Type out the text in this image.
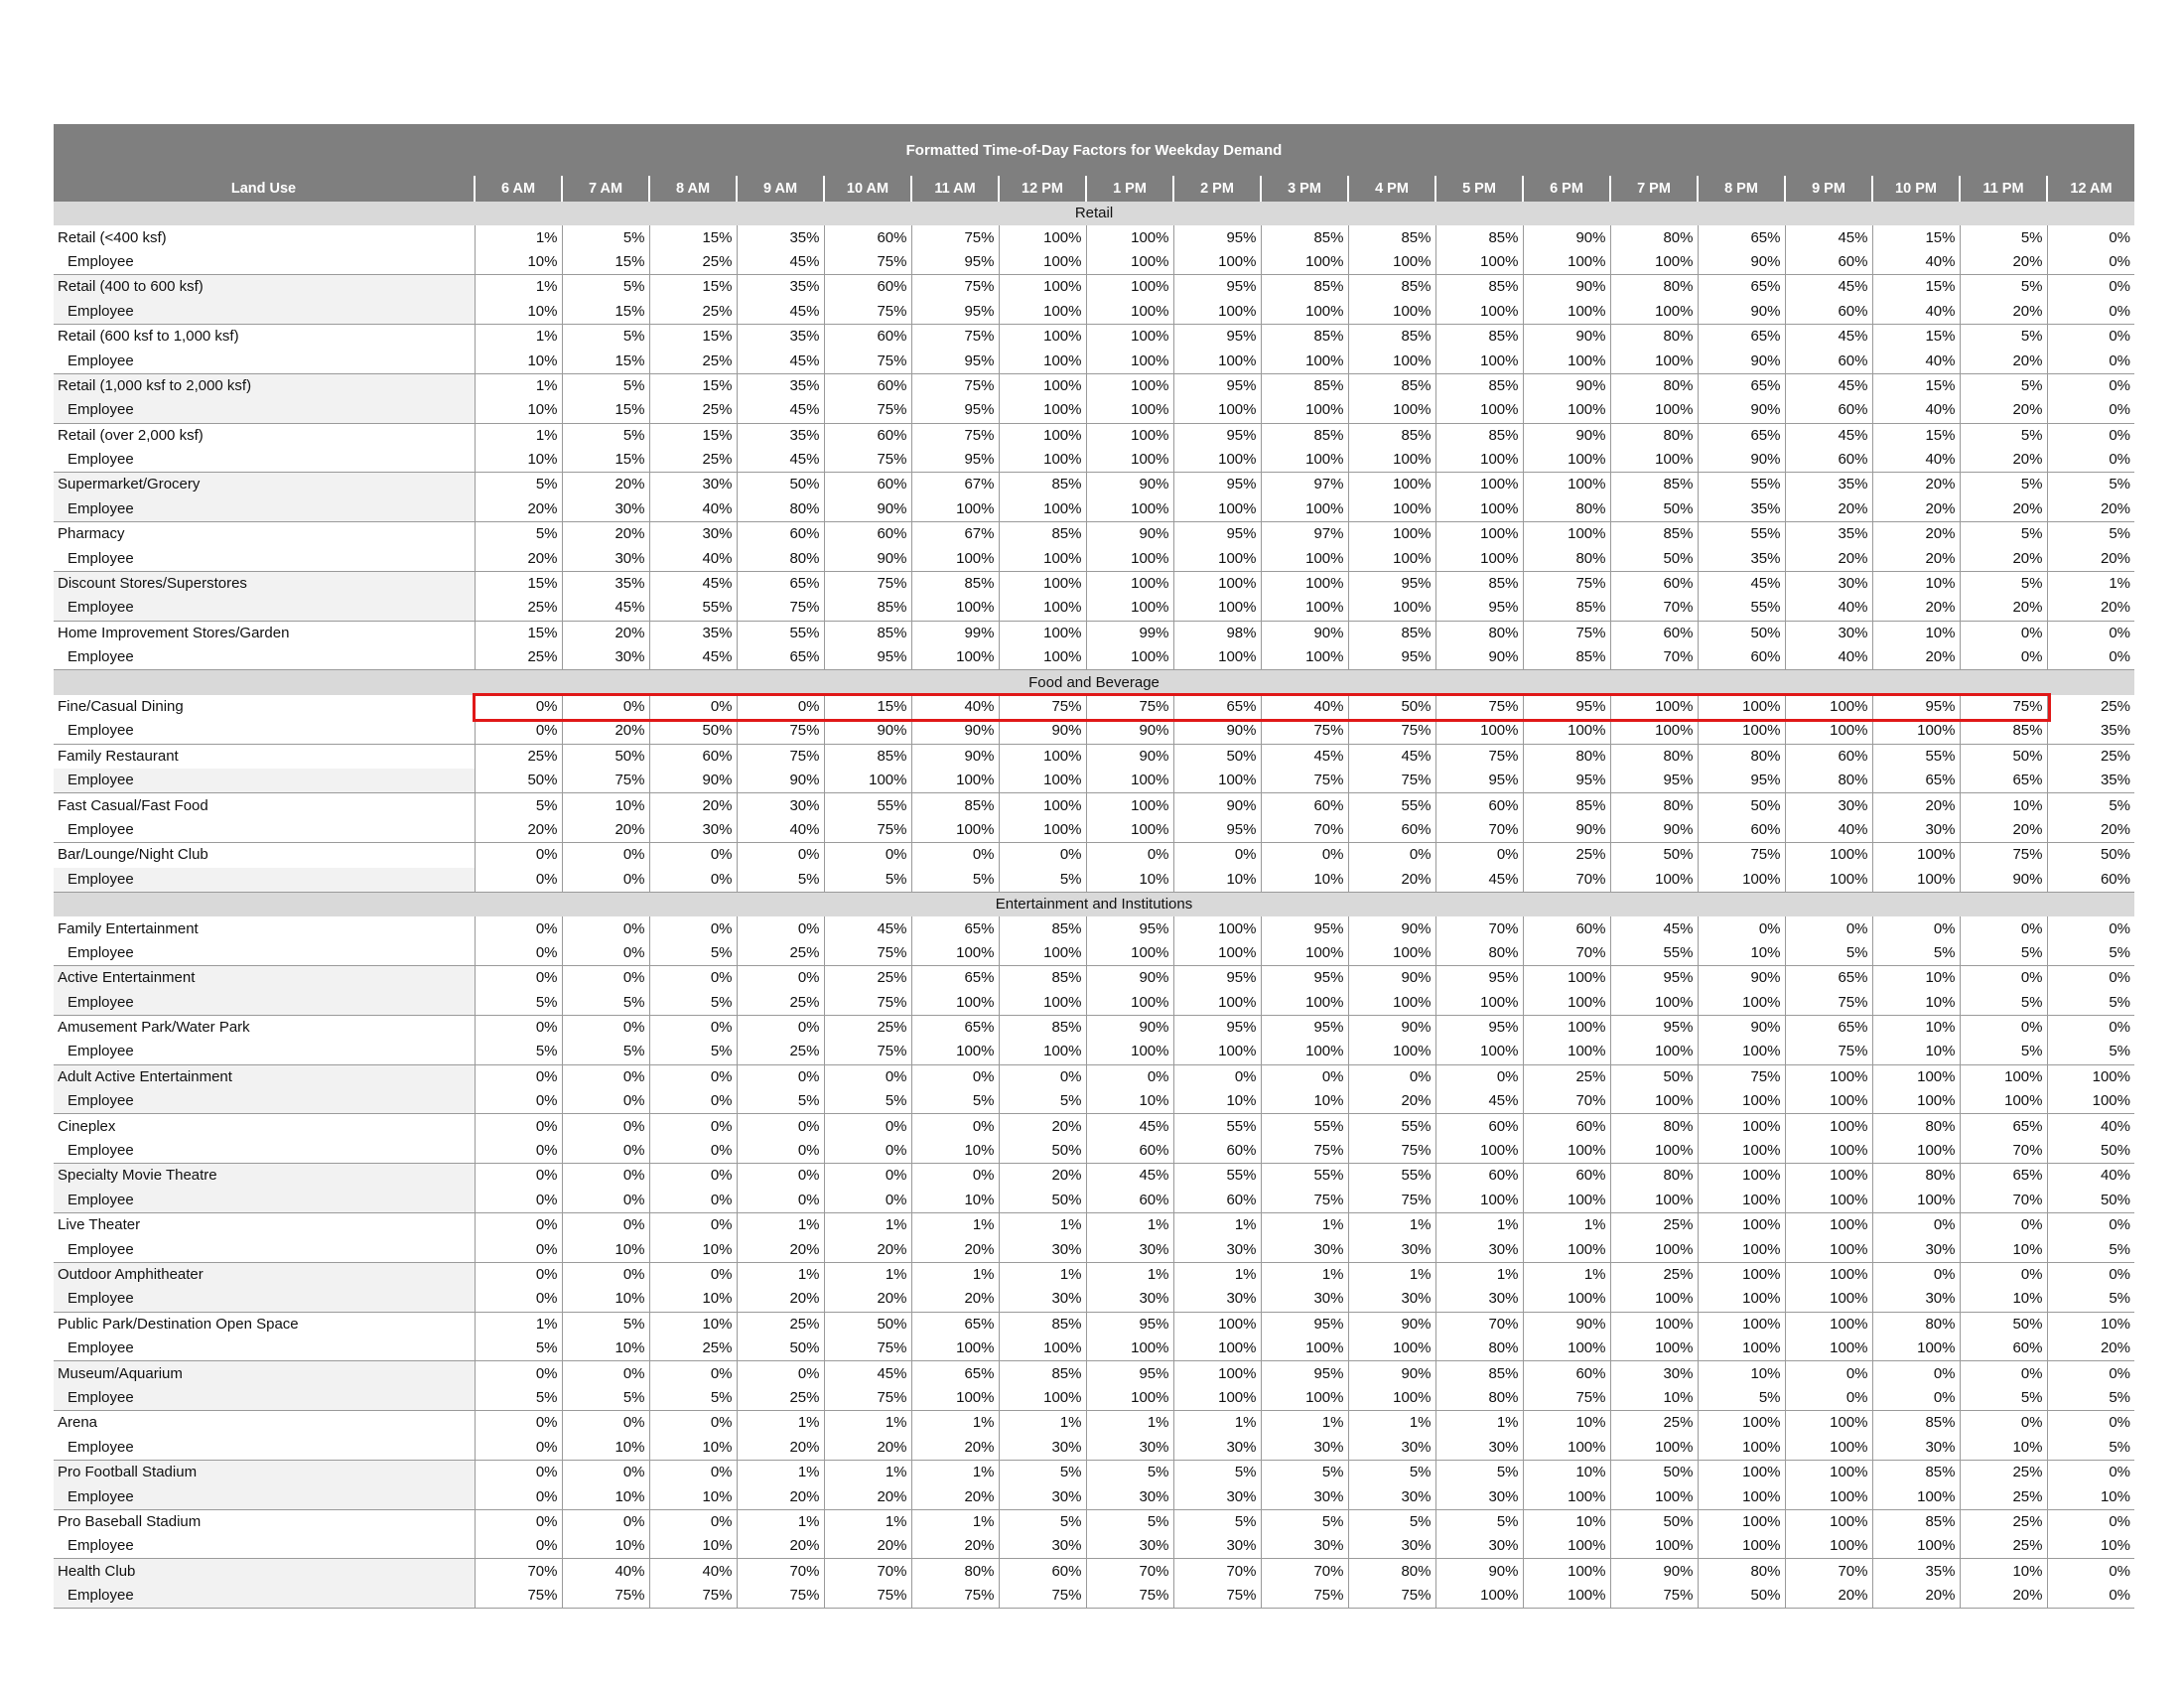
Formatted Time-of-Day Factors for Weekday Demand
Land Use	6 AM	7 AM	8 AM	9 AM	10 AM	11 AM	12 PM	1 PM	2 PM	3 PM	4 PM	5 PM	6 PM	7 PM	8 PM	9 PM	10 PM	11 PM	12 AM
Retail																			
Retail (<400 ksf)	1%	5%	15%	35%	60%	75%	100%	100%	95%	85%	85%	85%	90%	80%	65%	45%	15%	5%	0%
Employee	10%	15%	25%	45%	75%	95%	100%	100%	100%	100%	100%	100%	100%	100%	90%	60%	40%	20%	0%
Retail (400 to 600 ksf)	1%	5%	15%	35%	60%	75%	100%	100%	95%	85%	85%	85%	90%	80%	65%	45%	15%	5%	0%
Employee	10%	15%	25%	45%	75%	95%	100%	100%	100%	100%	100%	100%	100%	100%	90%	60%	40%	20%	0%
Retail (600 ksf to 1,000 ksf)	1%	5%	15%	35%	60%	75%	100%	100%	95%	85%	85%	85%	90%	80%	65%	45%	15%	5%	0%
Employee	10%	15%	25%	45%	75%	95%	100%	100%	100%	100%	100%	100%	100%	100%	90%	60%	40%	20%	0%
Retail (1,000 ksf to 2,000 ksf)	1%	5%	15%	35%	60%	75%	100%	100%	95%	85%	85%	85%	90%	80%	65%	45%	15%	5%	0%
Employee	10%	15%	25%	45%	75%	95%	100%	100%	100%	100%	100%	100%	100%	100%	90%	60%	40%	20%	0%
Retail (over 2,000 ksf)	1%	5%	15%	35%	60%	75%	100%	100%	95%	85%	85%	85%	90%	80%	65%	45%	15%	5%	0%
Employee	10%	15%	25%	45%	75%	95%	100%	100%	100%	100%	100%	100%	100%	100%	90%	60%	40%	20%	0%
Supermarket/Grocery	5%	20%	30%	50%	60%	67%	85%	90%	95%	97%	100%	100%	100%	85%	55%	35%	20%	5%	5%
Employee	20%	30%	40%	80%	90%	100%	100%	100%	100%	100%	100%	100%	80%	50%	35%	20%	20%	20%	20%
Pharmacy	5%	20%	30%	60%	60%	67%	85%	90%	95%	97%	100%	100%	100%	85%	55%	35%	20%	5%	5%
Employee	20%	30%	40%	80%	90%	100%	100%	100%	100%	100%	100%	100%	80%	50%	35%	20%	20%	20%	20%
Discount Stores/Superstores	15%	35%	45%	65%	75%	85%	100%	100%	100%	100%	95%	85%	75%	60%	45%	30%	10%	5%	1%
Employee	25%	45%	55%	75%	85%	100%	100%	100%	100%	100%	100%	95%	85%	70%	55%	40%	20%	20%	20%
Home Improvement Stores/Garden	15%	20%	35%	55%	85%	99%	100%	99%	98%	90%	85%	80%	75%	60%	50%	30%	10%	0%	0%
Employee	25%	30%	45%	65%	95%	100%	100%	100%	100%	100%	95%	90%	85%	70%	60%	40%	20%	0%	0%
Food and Beverage																			
Fine/Casual Dining	0%	0%	0%	0%	15%	40%	75%	75%	65%	40%	50%	75%	95%	100%	100%	100%	95%	75%	25%
Employee	0%	20%	50%	75%	90%	90%	90%	90%	90%	75%	75%	100%	100%	100%	100%	100%	100%	85%	35%
Family Restaurant	25%	50%	60%	75%	85%	90%	100%	90%	50%	45%	45%	75%	80%	80%	80%	60%	55%	50%	25%
Employee	50%	75%	90%	90%	100%	100%	100%	100%	100%	75%	75%	95%	95%	95%	95%	80%	65%	65%	35%
Fast Casual/Fast Food	5%	10%	20%	30%	55%	85%	100%	100%	90%	60%	55%	60%	85%	80%	50%	30%	20%	10%	5%
Employee	20%	20%	30%	40%	75%	100%	100%	100%	95%	70%	60%	70%	90%	90%	60%	40%	30%	20%	20%
Bar/Lounge/Night Club	0%	0%	0%	0%	0%	0%	0%	0%	0%	0%	0%	0%	25%	50%	75%	100%	100%	75%	50%
Employee	0%	0%	0%	5%	5%	5%	5%	10%	10%	10%	20%	45%	70%	100%	100%	100%	100%	90%	60%
Entertainment and Institutions																			
Family Entertainment	0%	0%	0%	0%	45%	65%	85%	95%	100%	95%	90%	70%	60%	45%	0%	0%	0%	0%	0%
Employee	0%	0%	5%	25%	75%	100%	100%	100%	100%	100%	100%	80%	70%	55%	10%	5%	5%	5%	5%
Active Entertainment	0%	0%	0%	0%	25%	65%	85%	90%	95%	95%	90%	95%	100%	95%	90%	65%	10%	0%	0%
Employee	5%	5%	5%	25%	75%	100%	100%	100%	100%	100%	100%	100%	100%	100%	100%	75%	10%	5%	5%
Amusement Park/Water Park	0%	0%	0%	0%	25%	65%	85%	90%	95%	95%	90%	95%	100%	95%	90%	65%	10%	0%	0%
Employee	5%	5%	5%	25%	75%	100%	100%	100%	100%	100%	100%	100%	100%	100%	100%	75%	10%	5%	5%
Adult Active Entertainment	0%	0%	0%	0%	0%	0%	0%	0%	0%	0%	0%	0%	25%	50%	75%	100%	100%	100%	100%
Employee	0%	0%	0%	5%	5%	5%	5%	10%	10%	10%	20%	45%	70%	100%	100%	100%	100%	100%	100%
Cineplex	0%	0%	0%	0%	0%	0%	20%	45%	55%	55%	55%	60%	60%	80%	100%	100%	80%	65%	40%
Employee	0%	0%	0%	0%	0%	10%	50%	60%	60%	75%	75%	100%	100%	100%	100%	100%	100%	70%	50%
Specialty Movie Theatre	0%	0%	0%	0%	0%	0%	20%	45%	55%	55%	55%	60%	60%	80%	100%	100%	80%	65%	40%
Employee	0%	0%	0%	0%	0%	10%	50%	60%	60%	75%	75%	100%	100%	100%	100%	100%	100%	70%	50%
Live Theater	0%	0%	0%	1%	1%	1%	1%	1%	1%	1%	1%	1%	1%	25%	100%	100%	0%	0%	0%
Employee	0%	10%	10%	20%	20%	20%	30%	30%	30%	30%	30%	30%	100%	100%	100%	100%	30%	10%	5%
Outdoor Amphitheater	0%	0%	0%	1%	1%	1%	1%	1%	1%	1%	1%	1%	1%	25%	100%	100%	0%	0%	0%
Employee	0%	10%	10%	20%	20%	20%	30%	30%	30%	30%	30%	30%	100%	100%	100%	100%	30%	10%	5%
Public Park/Destination Open Space	1%	5%	10%	25%	50%	65%	85%	95%	100%	95%	90%	70%	90%	100%	100%	100%	80%	50%	10%
Employee	5%	10%	25%	50%	75%	100%	100%	100%	100%	100%	100%	80%	100%	100%	100%	100%	100%	60%	20%
Museum/Aquarium	0%	0%	0%	0%	45%	65%	85%	95%	100%	95%	90%	85%	60%	30%	10%	0%	0%	0%	0%
Employee	5%	5%	5%	25%	75%	100%	100%	100%	100%	100%	100%	80%	75%	10%	5%	0%	0%	5%	5%
Arena	0%	0%	0%	1%	1%	1%	1%	1%	1%	1%	1%	1%	10%	25%	100%	100%	85%	0%	0%
Employee	0%	10%	10%	20%	20%	20%	30%	30%	30%	30%	30%	30%	100%	100%	100%	100%	30%	10%	5%
Pro Football Stadium	0%	0%	0%	1%	1%	1%	5%	5%	5%	5%	5%	5%	10%	50%	100%	100%	85%	25%	0%
Employee	0%	10%	10%	20%	20%	20%	30%	30%	30%	30%	30%	30%	100%	100%	100%	100%	100%	25%	10%
Pro Baseball Stadium	0%	0%	0%	1%	1%	1%	5%	5%	5%	5%	5%	5%	10%	50%	100%	100%	85%	25%	0%
Employee	0%	10%	10%	20%	20%	20%	30%	30%	30%	30%	30%	30%	100%	100%	100%	100%	100%	25%	10%
Health Club	70%	40%	40%	70%	70%	80%	60%	70%	70%	70%	80%	90%	100%	90%	80%	70%	35%	10%	0%
Employee	75%	75%	75%	75%	75%	75%	75%	75%	75%	75%	75%	100%	100%	75%	50%	20%	20%	20%	0%
